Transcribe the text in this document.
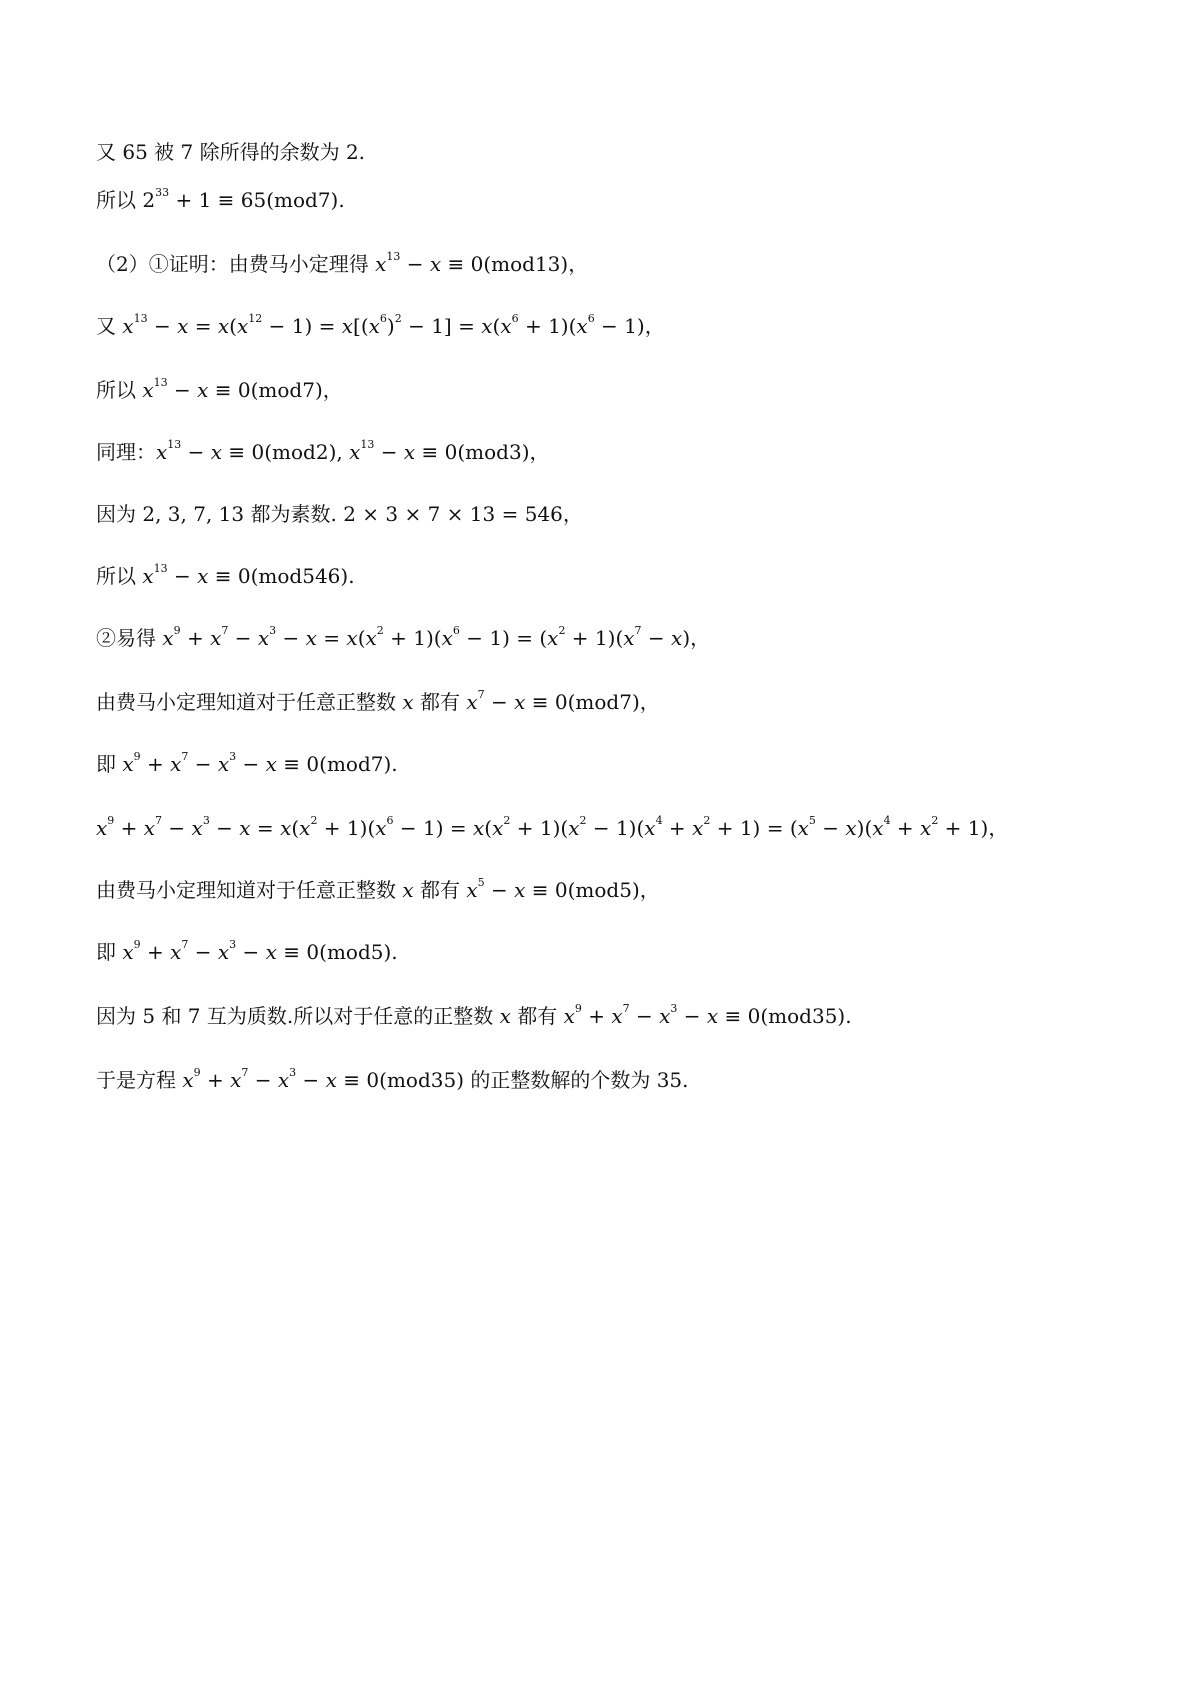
又 65 被 7 除所得的余数为 2.
所以 $2^{33} + 1 \equiv 65(mod7)$.
（2）①证明：由费马小定理得 $x^{13} - x \equiv 0(mod13)$，
又 $x^{13} - x = x(x^{12} - 1) = x[(x^6)^2 - 1] = x(x^6 + 1)(x^6 - 1)$，
所以 $x^{13} - x \equiv 0(mod7)$，
同理：$x^{13} - x \equiv 0(mod2)$, $x^{13} - x \equiv 0(mod3)$，
因为 2, 3, 7, 13 都为素数. 2 × 3 × 7 × 13 = 546，
所以 $x^{13} - x \equiv 0(mod546)$.
②易得 $x^9 + x^7 - x^3 - x = x(x^2 + 1)(x^6 - 1) = (x^2 + 1)(x^7 - x)$，
由费马小定理知道对于任意正整数 x 都有 $x^7 - x \equiv 0(mod7)$，
即 $x^9 + x^7 - x^3 - x \equiv 0(mod7)$.
$x^9 + x^7 - x^3 - x = x(x^2 + 1)(x^6 - 1) = x(x^2 + 1)(x^2 - 1)(x^4 + x^2 + 1) = (x^5 - x)(x^4 + x^2 + 1)$，
由费马小定理知道对于任意正整数 x 都有 $x^5 - x \equiv 0(mod5)$，
即 $x^9 + x^7 - x^3 - x \equiv 0(mod5)$.
因为 5 和 7 互为质数.所以对于任意的正整数 x 都有 $x^9 + x^7 - x^3 - x \equiv 0(mod35)$.
于是方程 $x^9 + x^7 - x^3 - x \equiv 0(mod35)$ 的正整数解的个数为 35.
